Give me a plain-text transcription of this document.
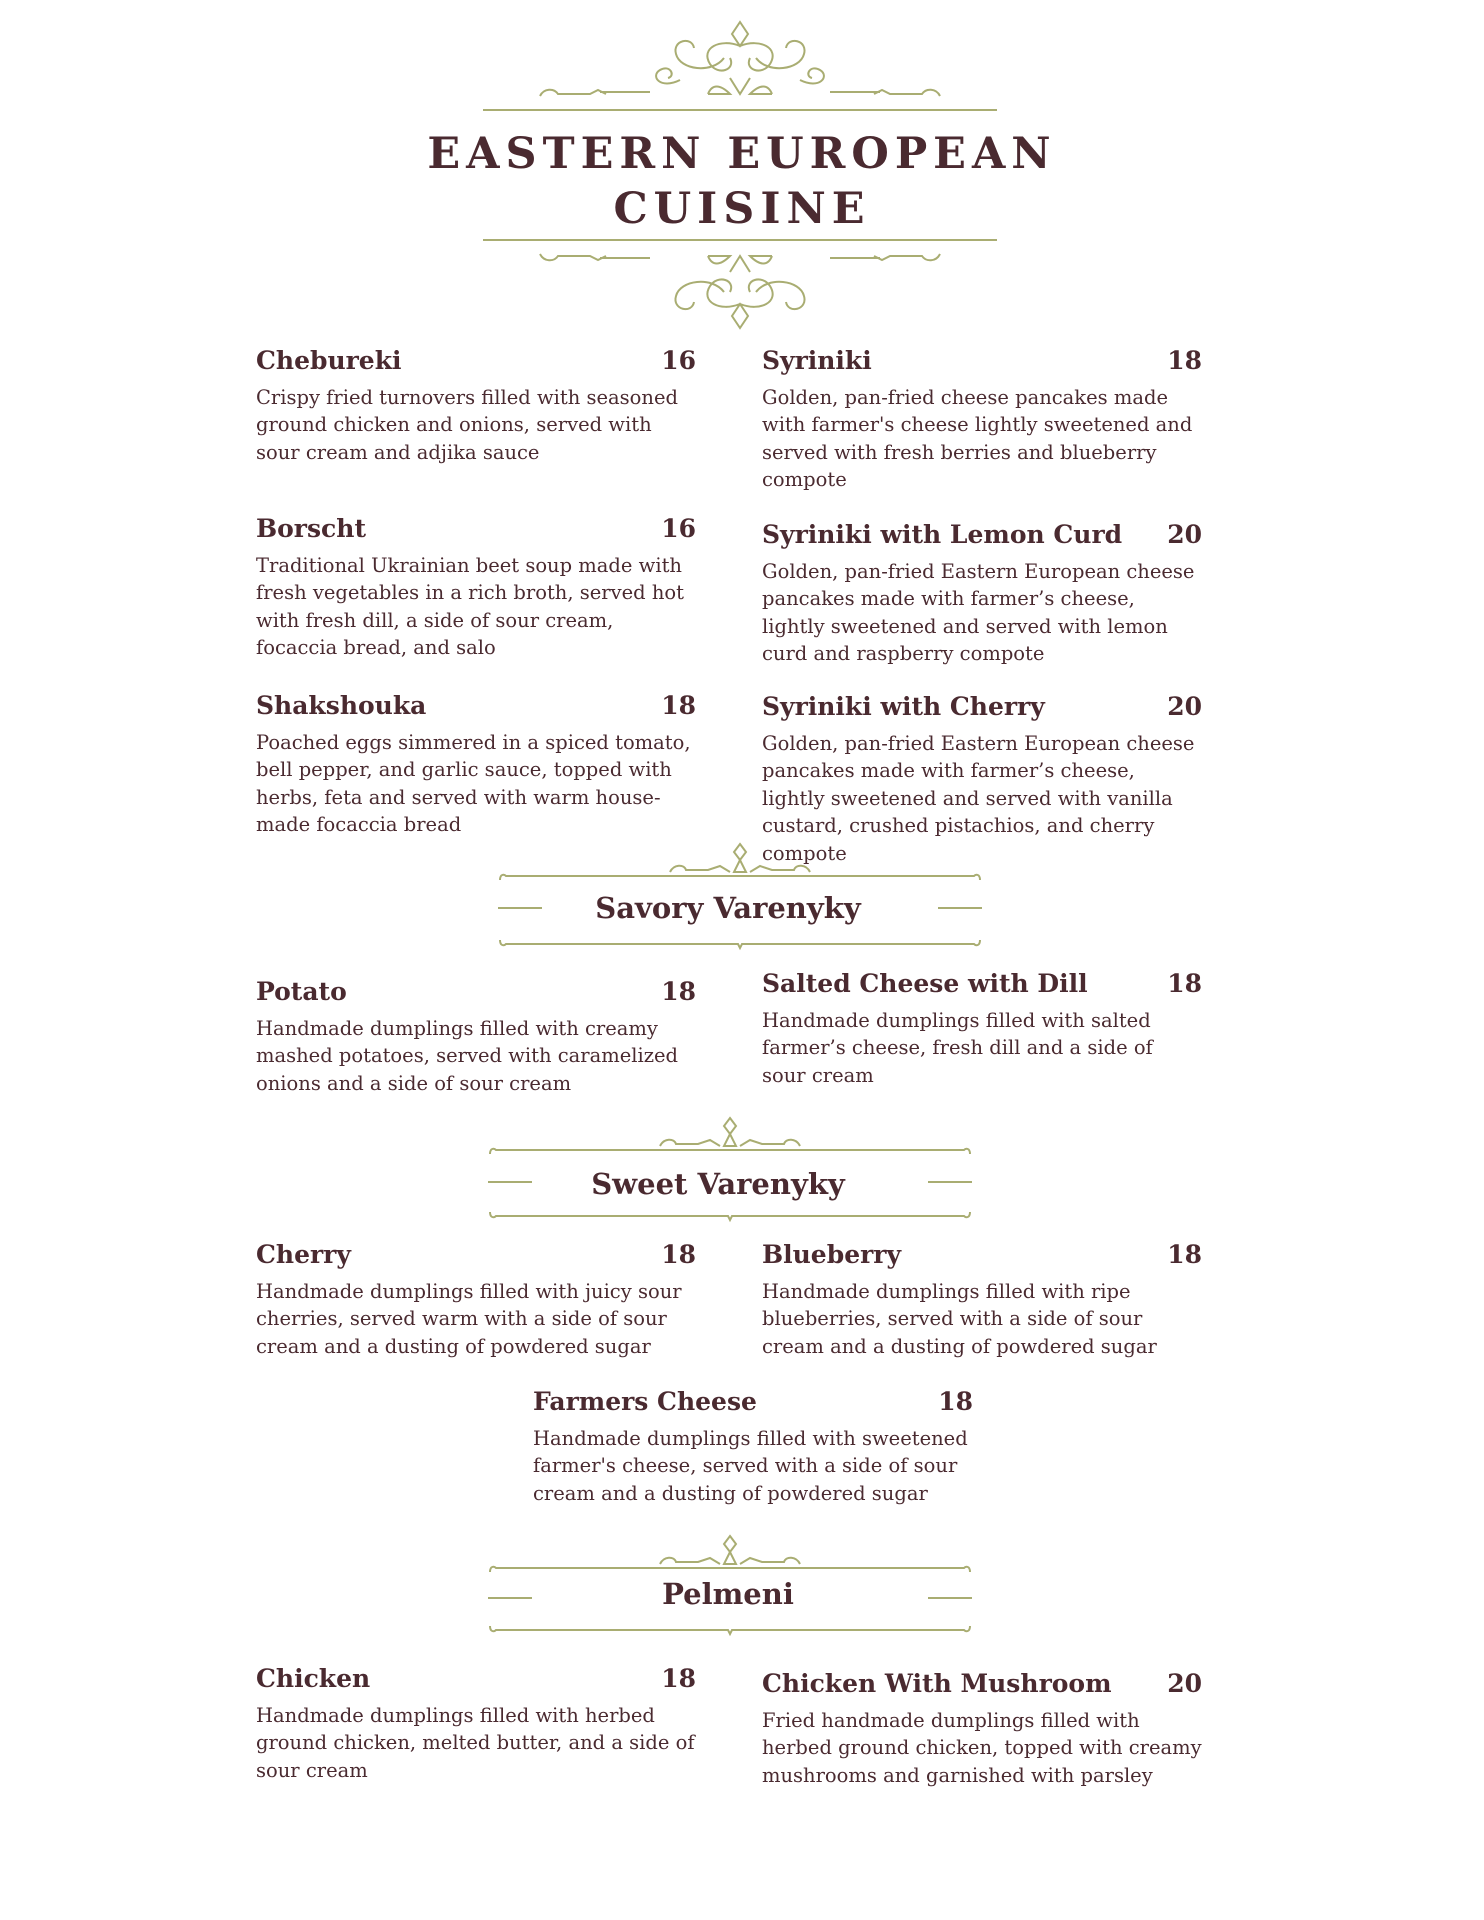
EASTERN EUROPEAN
CUISINE
Chebureki	16
Crispy fried turnovers filled with seasoned ground chicken and onions, served with sour cream and adjika sauce
Syriniki	18
Golden, pan-fried cheese pancakes made with farmer's cheese lightly sweetened and served with fresh berries and blueberry compote
Borscht	16
Traditional Ukrainian beet soup made with fresh vegetables in a rich broth, served hot with fresh dill, a side of sour cream, focaccia bread, and salo
Syriniki with Lemon Curd 20
Golden, pan-fried Eastern European cheese pancakes made with farmer’s cheese, lightly sweetened and served with lemon curd and raspberry compote
Shakshouka	18
Poached eggs simmered in a spiced tomato, bell pepper, and garlic sauce, topped with herbs, feta and served with warm house-made focaccia bread
Syriniki with Cherry	20
Golden, pan-fried Eastern European cheese pancakes made with farmer’s cheese, lightly sweetened and served with vanilla custard, crushed pistachios, and cherry compote
Savory Varenyky
Potato	18
Handmade dumplings filled with creamy mashed potatoes, served with caramelized onions and a side of sour cream
Salted Cheese with Dill	18
Handmade dumplings filled with salted farmer’s cheese, fresh dill and a side of sour cream
Sweet Varenyky
Cherry	18
Handmade dumplings filled with juicy sour cherries, served warm with a side of sour cream and a dusting of powdered sugar
Blueberry	18
Handmade dumplings filled with ripe blueberries, served with a side of sour cream and a dusting of powdered sugar
Farmers Cheese	18
Handmade dumplings filled with sweetened farmer's cheese, served with a side of sour cream and a dusting of powdered sugar
Pelmeni
Chicken	18
Handmade dumplings filled with herbed ground chicken, melted butter, and a side of sour cream
Chicken With Mushroom 20
Fried handmade dumplings filled with herbed ground chicken, topped with creamy mushrooms and garnished with parsley
